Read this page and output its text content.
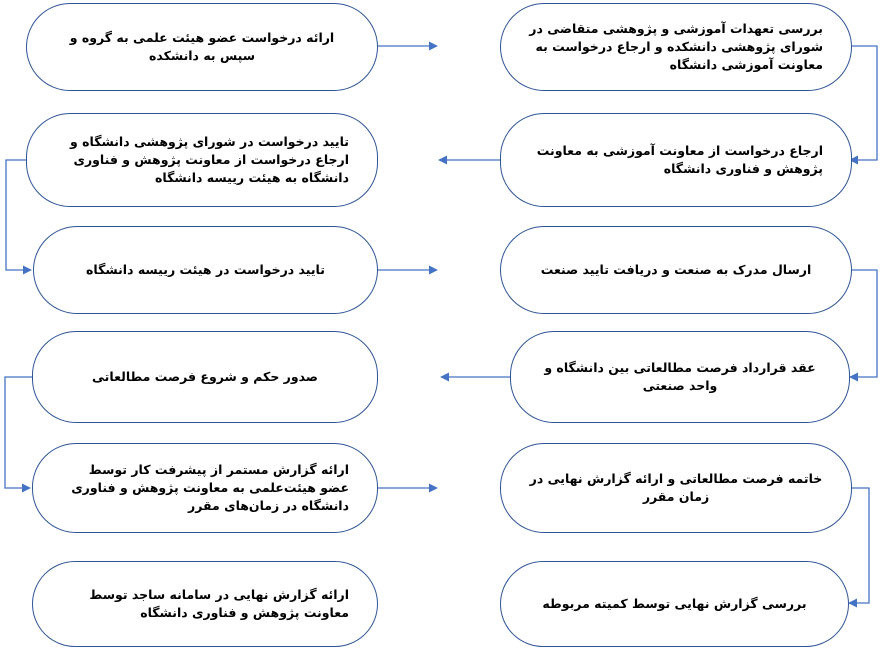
ارائه درخواست عضو هیئت علمی به گروه و سپس به دانشکده
بررسی تعهدات آموزشی و پژوهشی متقاضی در شورای پژوهشی دانشکده و ارجاع درخواست به معاونت آموزشی دانشگاه
تایید درخواست در شورای پژوهشی دانشگاه و ارجاع درخواست از معاونت پژوهش و فناوری دانشگاه به هیئت رییسه دانشگاه
ارجاع درخواست از معاونت آموزشی به معاونت پژوهش و فناوری دانشگاه
تایید درخواست در هیئت رییسه دانشگاه	ارسال مدرک به صنعت و دریافت تایید صنعت
صدور حکم و شروع فرصت مطالعاتی
عقد قرارداد فرصت مطالعاتی بین دانشگاه و واحد صنعتی
ارائه گزارش مستمر از پیشرفت کار توسط عضو هیئت‌علمی به معاونت پژوهش و فناوری دانشگاه در زمان‌های مقرر
خاتمه فرصت مطالعاتی و ارائه گزارش نهایی در زمان مقرر
ارائه گزارش نهایی در سامانه ساجد توسط معاونت پژوهش و فناوری دانشگاه
بررسی گزارش نهایی توسط کمیته مربوطه
